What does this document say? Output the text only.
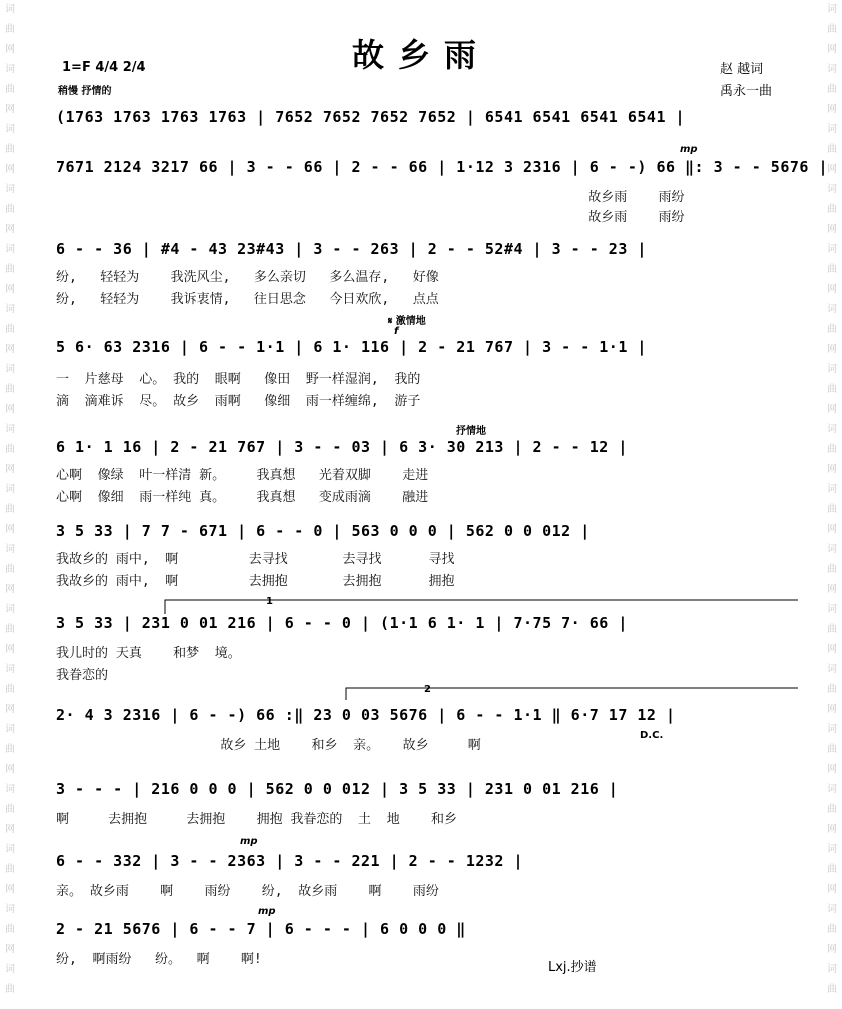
词
曲
网
词
曲
网
词
曲
网
词
曲
网
词
曲
网
词
曲
网
词
曲
网
词
曲
网
词
曲
网
词
曲
网
词
曲
网
词
曲
网
词
曲
网
词
曲
网
词
曲
网
词
曲
网
词
曲
词
曲
网
词
曲
网
词
曲
网
词
曲
网
词
曲
网
词
曲
网
词
曲
网
词
曲
网
词
曲
网
词
曲
网
词
曲
网
词
曲
网
词
曲
网
词
曲
网
词
曲
网
词
曲
网
词
曲
故乡雨
1=F 4/4 2/4
稍慢 抒情的
赵 越词
禹永一曲
(1763 1763 1763 1763 | 7652 7652 7652 7652 | 6541 6541 6541 6541 |
7671 2124 3217 66 | 3 - - 66 | 2 - - 66 | 1·12 3 2316 | 6 - -) 66 ‖: 3 - - 5676 |
故乡雨    雨纷
故乡雨    雨纷
6 - - 36 | #4 - 43 23#43 | 3 - - 263 | 2 - - 52#4 | 3 - - 23 |
纷,   轻轻为    我洗风尘,   多么亲切   多么温存,   好像
纷,   轻轻为    我诉衷情,   往日思念   今日欢欣,   点点
5 6· 63 2316 | 6 - - 1·1 | 6 1· 116 | 2 - 21 767 | 3 - - 1·1 |
一  片慈母  心。 我的  眼啊   像田  野一样湿润,  我的
滴  滴难诉  尽。 故乡  雨啊   像细  雨一样缠绵,  游子
6 1· 1 16 | 2 - 21 767 | 3 - - 03 | 6 3· 30 213 | 2 - - 12 |
心啊  像绿  叶一样清 新。    我真想   光着双脚    走进
心啊  像细  雨一样纯 真。    我真想   变成雨滴    融进
3 5 33 | 7 7 - 671 | 6 - - 0 | 563 0 0 0 | 562 0 0 012 |
我故乡的 雨中,  啊         去寻找       去寻找      寻找
我故乡的 雨中,  啊         去拥抱       去拥抱      拥抱
3 5 33 | 231 0 01 216 | 6 - - 0 | (1·1 6 1· 1 | 7·75 7· 66 |
我儿时的 天真    和梦  境。
我眷恋的
2· 4 3 2316 | 6 - -) 66 :‖ 23 0 03 5676 | 6 - - 1·1 ‖ 6·7 17 12 |
故乡 土地    和乡  亲。   故乡     啊
3 - - - | 216 0 0 0 | 562 0 0 012 | 3 5 33 | 231 0 01 216 |
啊     去拥抱     去拥抱    拥抱 我眷恋的  土  地    和乡
6 - - 332 | 3 - - 2363 | 3 - - 221 | 2 - - 1232 |
亲。 故乡雨    啊    雨纷    纷,  故乡雨    啊    雨纷
2 - 21 5676 | 6 - - 7 | 6 - - - | 6 0 0 0 ‖
纷,  啊雨纷   纷。  啊    啊!
mp
𝄋 激情地
f
抒情地
D.C.
mp
mp
1
2
Lxj.抄谱
